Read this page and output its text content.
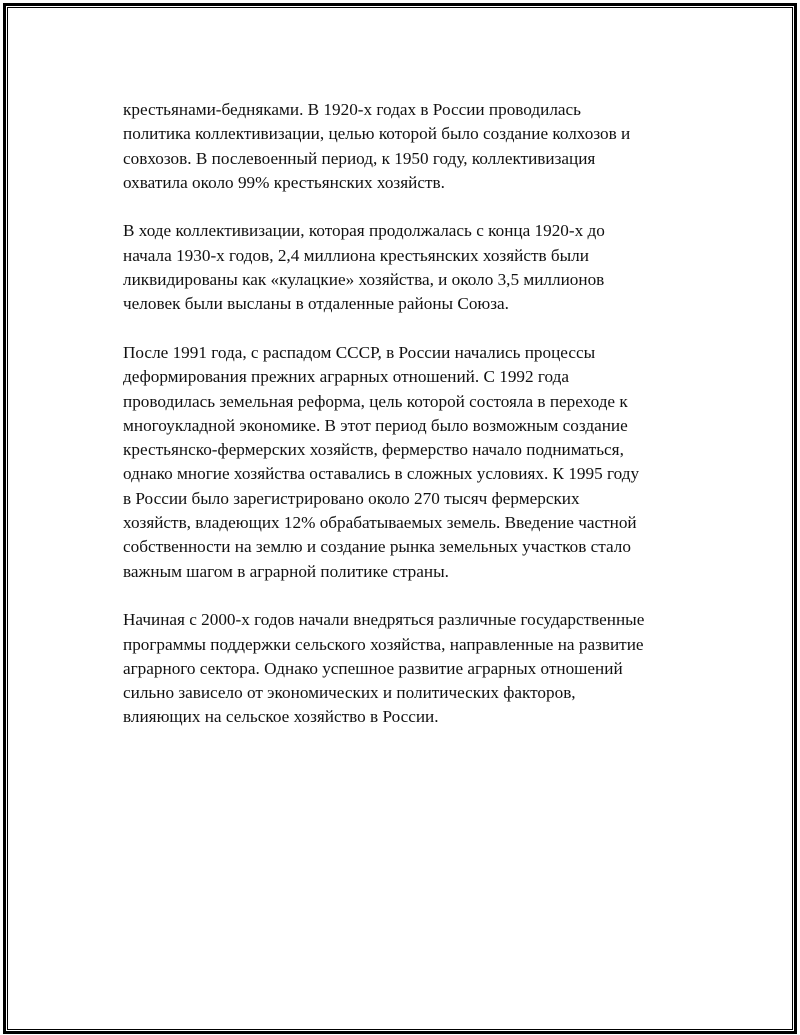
крестьянами-бедняками. В 1920-х годах в России проводилась
политика коллективизации, целью которой было создание колхозов и
совхозов. В послевоенный период, к 1950 году, коллективизация
охватила около 99% крестьянских хозяйств.

В ходе коллективизации, которая продолжалась с конца 1920-х до
начала 1930-х годов, 2,4 миллиона крестьянских хозяйств были
ликвидированы как «кулацкие» хозяйства, и около 3,5 миллионов
человек были высланы в отдаленные районы Союза.

После 1991 года, с распадом СССР, в России начались процессы
деформирования прежних аграрных отношений. С 1992 года
проводилась земельная реформа, цель которой состояла в переходе к
многоукладной экономике. В этот период было возможным создание
крестьянско-фермерских хозяйств, фермерство начало подниматься,
однако многие хозяйства оставались в сложных условиях. К 1995 году
в России было зарегистрировано около 270 тысяч фермерских
хозяйств, владеющих 12% обрабатываемых земель. Введение частной
собственности на землю и создание рынка земельных участков стало
важным шагом в аграрной политике страны.

Начиная с 2000-х годов начали внедряться различные государственные
программы поддержки сельского хозяйства, направленные на развитие
аграрного сектора. Однако успешное развитие аграрных отношений
сильно зависело от экономических и политических факторов,
влияющих на сельское хозяйство в России.
